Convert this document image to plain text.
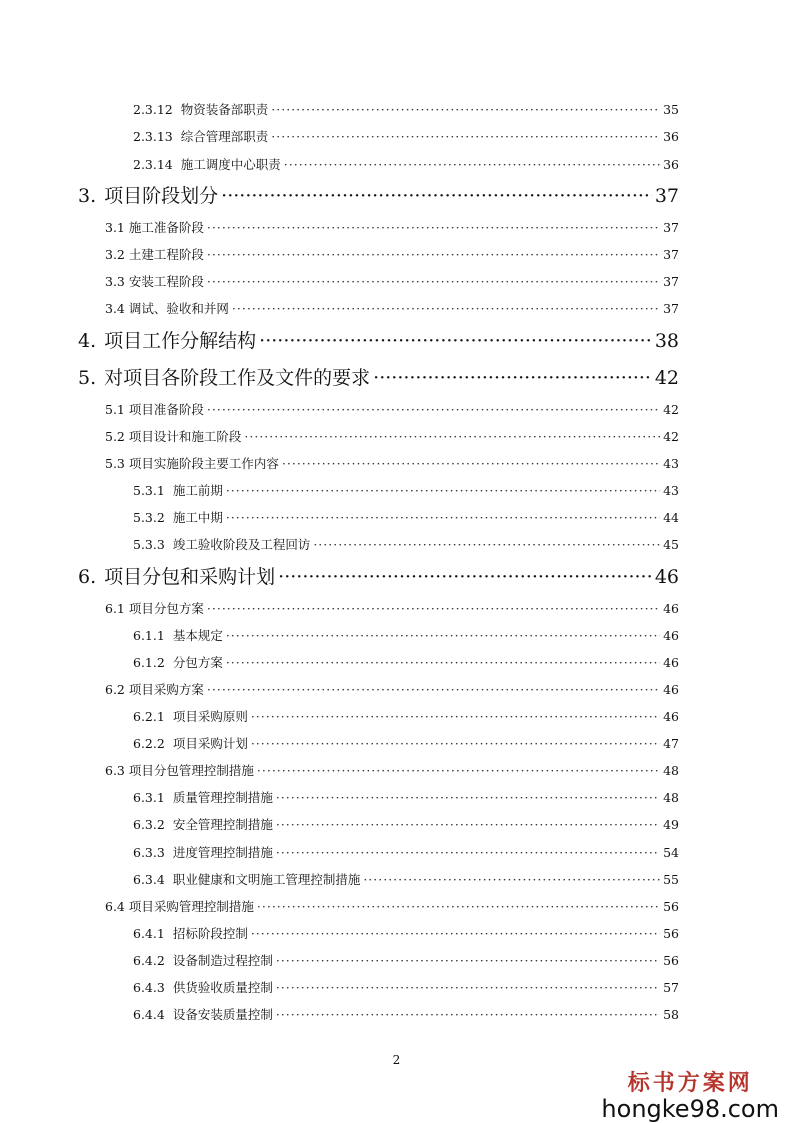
2.3.12 物资装备部职责 ·····	35
2.3.13 综合管理部职责 ·····	36
2.3.14 施工调度中心职责 ·····	36
3. 项目阶段划分 ·····	37
3.1 施工准备阶段 ·····	37
3.2 土建工程阶段 ·····	37
3.3 安装工程阶段 ·····	37
3.4 调试、验收和并网 ·····	37
4. 项目工作分解结构 ·····	38
5. 对项目各阶段工作及文件的要求 ·····	42
5.1 项目准备阶段 ·····	42
5.2 项目设计和施工阶段 ·····	42
5.3 项目实施阶段主要工作内容 ·····	43
5.3.1 施工前期 ·····	43
5.3.2 施工中期 ·····	44
5.3.3 竣工验收阶段及工程回访 ·····	45
6. 项目分包和采购计划 ·····	46
6.1 项目分包方案 ·····	46
6.1.1 基本规定 ·····	46
6.1.2 分包方案 ·····	46
6.2 项目采购方案 ·····	46
6.2.1 项目采购原则 ·····	46
6.2.2 项目采购计划 ·····	47
6.3 项目分包管理控制措施 ·····	48
6.3.1 质量管理控制措施 ·····	48
6.3.2 安全管理控制措施 ·····	49
6.3.3 进度管理控制措施 ·····	54
6.3.4 职业健康和文明施工管理控制措施 ·····	55
6.4 项目采购管理控制措施 ·····	56
6.4.1 招标阶段控制 ·····	56
6.4.2 设备制造过程控制 ·····	56
6.4.3 供货验收质量控制 ·····	57
6.4.4 设备安装质量控制 ·····	58
2
标书方案网
hongke98.com
